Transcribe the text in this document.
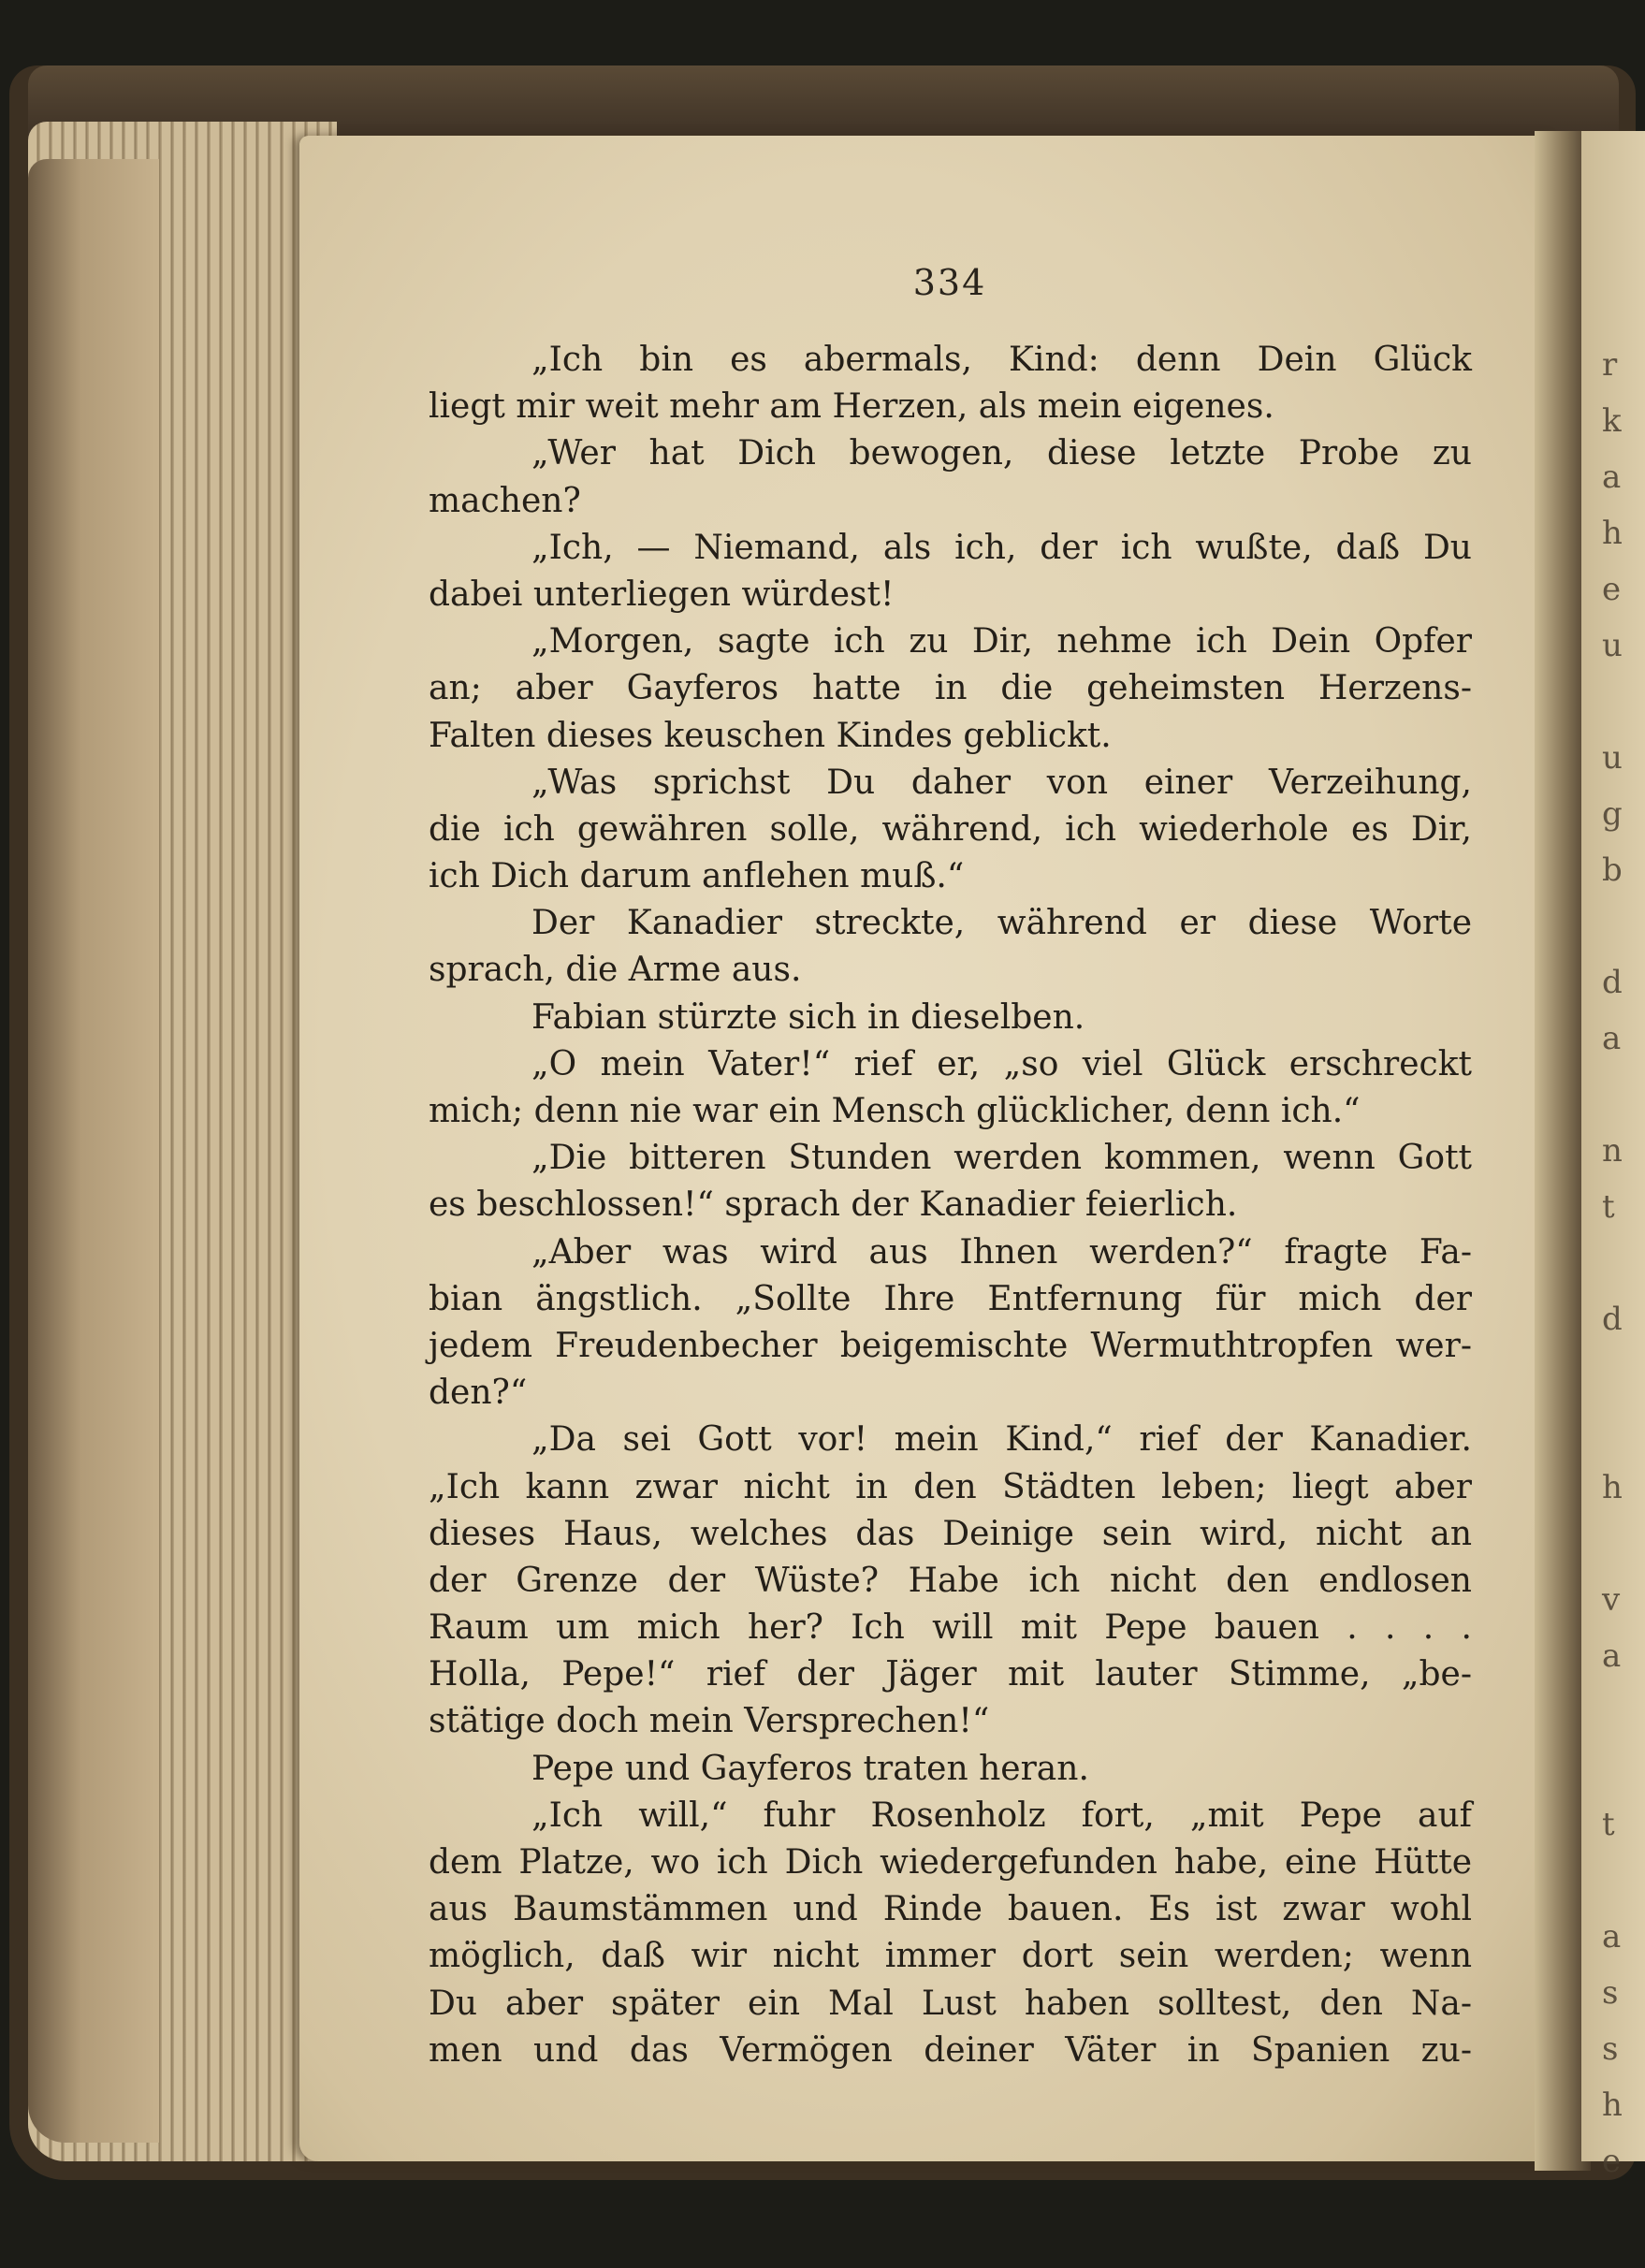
r
k
a
h
e
u

u
g
b

d
a

n
t

d

h

v
a

t

a
s
s
h
e
334
„Ich bin es abermals, Kind: denn Dein Glück
liegt mir weit mehr am Herzen, als mein eigenes.
„Wer hat Dich bewogen, diese letzte Probe zu
machen?
„Ich, — Niemand, als ich, der ich wußte, daß Du
dabei unterliegen würdest!
„Morgen, sagte ich zu Dir, nehme ich Dein Opfer
an; aber Gayferos hatte in die geheimsten Herzens-
Falten dieses keuschen Kindes geblickt.
„Was sprichst Du daher von einer Verzeihung,
die ich gewähren solle, während, ich wiederhole es Dir,
ich Dich darum anflehen muß.“
Der Kanadier streckte, während er diese Worte
sprach, die Arme aus.
Fabian stürzte sich in dieselben.
„O mein Vater!“ rief er, „so viel Glück erschreckt
mich; denn nie war ein Mensch glücklicher, denn ich.“
„Die bitteren Stunden werden kommen, wenn Gott
es beschlossen!“ sprach der Kanadier feierlich.
„Aber was wird aus Ihnen werden?“ fragte Fa-
bian ängstlich. „Sollte Ihre Entfernung für mich der
jedem Freudenbecher beigemischte Wermuthtropfen wer-
den?“
„Da sei Gott vor! mein Kind,“ rief der Kanadier.
„Ich kann zwar nicht in den Städten leben; liegt aber
dieses Haus, welches das Deinige sein wird, nicht an
der Grenze der Wüste? Habe ich nicht den endlosen
Raum um mich her? Ich will mit Pepe bauen . . . .
Holla, Pepe!“ rief der Jäger mit lauter Stimme, „be-
stätige doch mein Versprechen!“
Pepe und Gayferos traten heran.
„Ich will,“ fuhr Rosenholz fort, „mit Pepe auf
dem Platze, wo ich Dich wiedergefunden habe, eine Hütte
aus Baumstämmen und Rinde bauen. Es ist zwar wohl
möglich, daß wir nicht immer dort sein werden; wenn
Du aber später ein Mal Lust haben solltest, den Na-
men und das Vermögen deiner Väter in Spanien zu-
